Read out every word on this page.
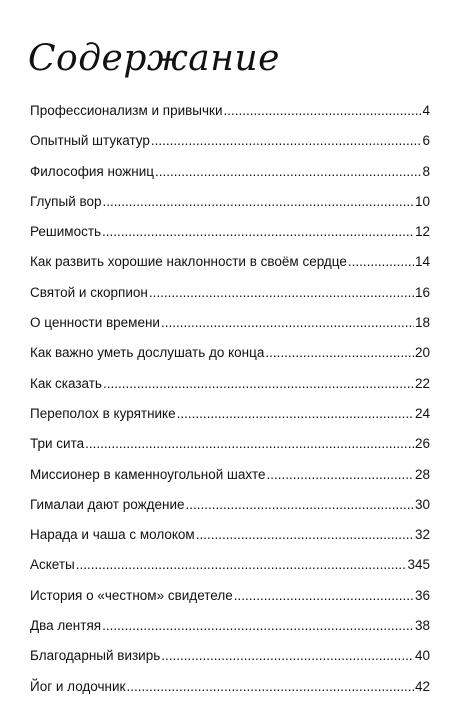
Содержание
Профессионализм и привычки .....	4
Опытный штукатур .....	6
Философия ножниц .....	8
Глупый вор .....	10
Решимость .....	12
Как развить хорошие наклонности в своём сердце .....	14
Святой и скорпион .....	16
О ценности времени .....	18
Как важно уметь дослушать до конца .....	20
Как сказать .....	22
Переполох в курятнике .....	24
Три сита .....	26
Миссионер в каменноугольной шахте .....	28
Гималаи дают рождение .....	30
Нарада и чаша с молоком .....	32
Аскеты .....	345
История о «честном» свидетеле .....	36
Два лентяя .....	38
Благодарный визирь .....	40
Йог и лодочник .....	42
